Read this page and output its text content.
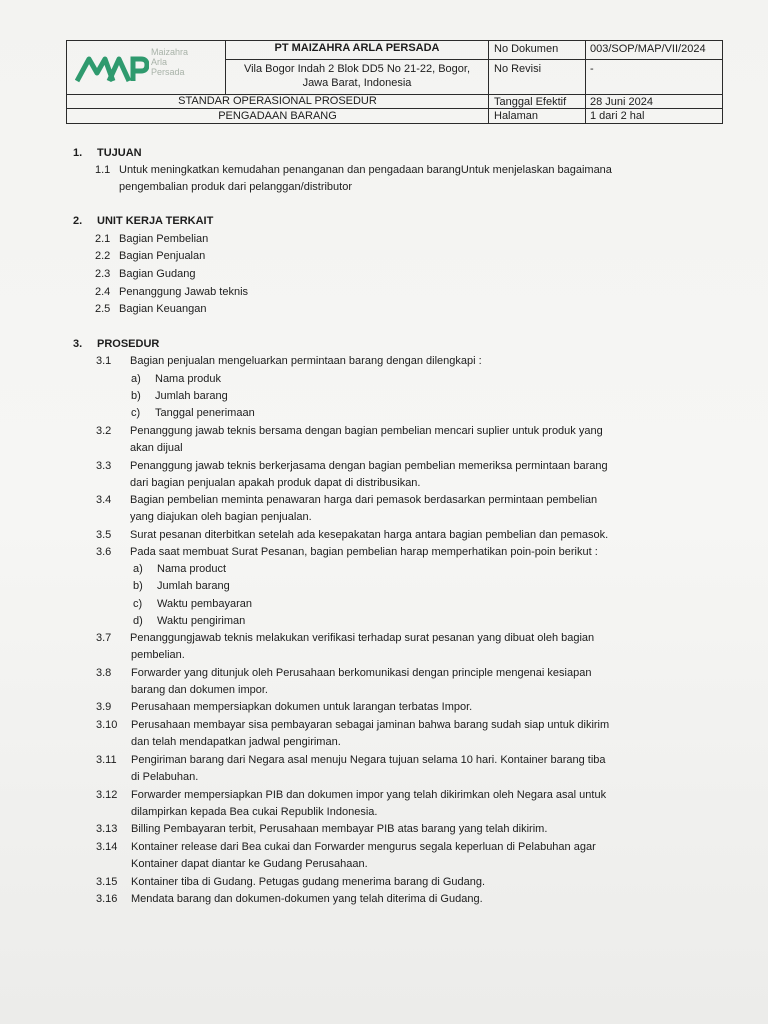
Maizahra
Arla
Persada
PT MAIZAHRA ARLA PERSADA
Vila Bogor Indah 2 Blok DD5 No 21-22, Bogor,
Jawa Barat, Indonesia
STANDAR OPERASIONAL PROSEDUR
PENGADAAN BARANG
No Dokumen	003/SOP/MAP/VII/2024
No Revisi	-
Tanggal Efektif	28 Juni 2024
Halaman	1 dari 2 hal
1. TUJUAN
1.1 Untuk meningkatkan kemudahan penanganan dan pengadaan barangUntuk menjelaskan bagaimana
pengembalian produk dari pelanggan/distributor
2. UNIT KERJA TERKAIT
2.1 Bagian Pembelian
2.2 Bagian Penjualan
2.3 Bagian Gudang
2.4 Penanggung Jawab teknis
2.5 Bagian Keuangan
3. PROSEDUR
3.1 Bagian penjualan mengeluarkan permintaan barang dengan dilengkapi :
a) Nama produk
b) Jumlah barang
c) Tanggal penerimaan
3.2 Penanggung jawab teknis bersama dengan bagian pembelian mencari suplier untuk produk yang
akan dijual
3.3 Penanggung jawab teknis berkerjasama dengan bagian pembelian memeriksa permintaan barang
dari bagian penjualan apakah produk dapat di distribusikan.
3.4 Bagian pembelian meminta penawaran harga dari pemasok berdasarkan permintaan pembelian
yang diajukan oleh bagian penjualan.
3.5 Surat pesanan diterbitkan setelah ada kesepakatan harga antara bagian pembelian dan pemasok.
3.6 Pada saat membuat Surat Pesanan, bagian pembelian harap memperhatikan poin-poin berikut :
a) Nama product
b) Jumlah barang
c) Waktu pembayaran
d) Waktu pengiriman
3.7 Penanggungjawab teknis melakukan verifikasi terhadap surat pesanan yang dibuat oleh bagian
pembelian.
3.8 Forwarder yang ditunjuk oleh Perusahaan berkomunikasi dengan principle mengenai kesiapan
barang dan dokumen impor.
3.9 Perusahaan mempersiapkan dokumen untuk larangan terbatas Impor.
3.10 Perusahaan membayar sisa pembayaran sebagai jaminan bahwa barang sudah siap untuk dikirim
dan telah mendapatkan jadwal pengiriman.
3.11 Pengiriman barang dari Negara asal menuju Negara tujuan selama 10 hari. Kontainer barang tiba
di Pelabuhan.
3.12 Forwarder mempersiapkan PIB dan dokumen impor yang telah dikirimkan oleh Negara asal untuk
dilampirkan kepada Bea cukai Republik Indonesia.
3.13 Billing Pembayaran terbit, Perusahaan membayar PIB atas barang yang telah dikirim.
3.14 Kontainer release dari Bea cukai dan Forwarder mengurus segala keperluan di Pelabuhan agar
Kontainer dapat diantar ke Gudang Perusahaan.
3.15 Kontainer tiba di Gudang. Petugas gudang menerima barang di Gudang.
3.16 Mendata barang dan dokumen-dokumen yang telah diterima di Gudang.
